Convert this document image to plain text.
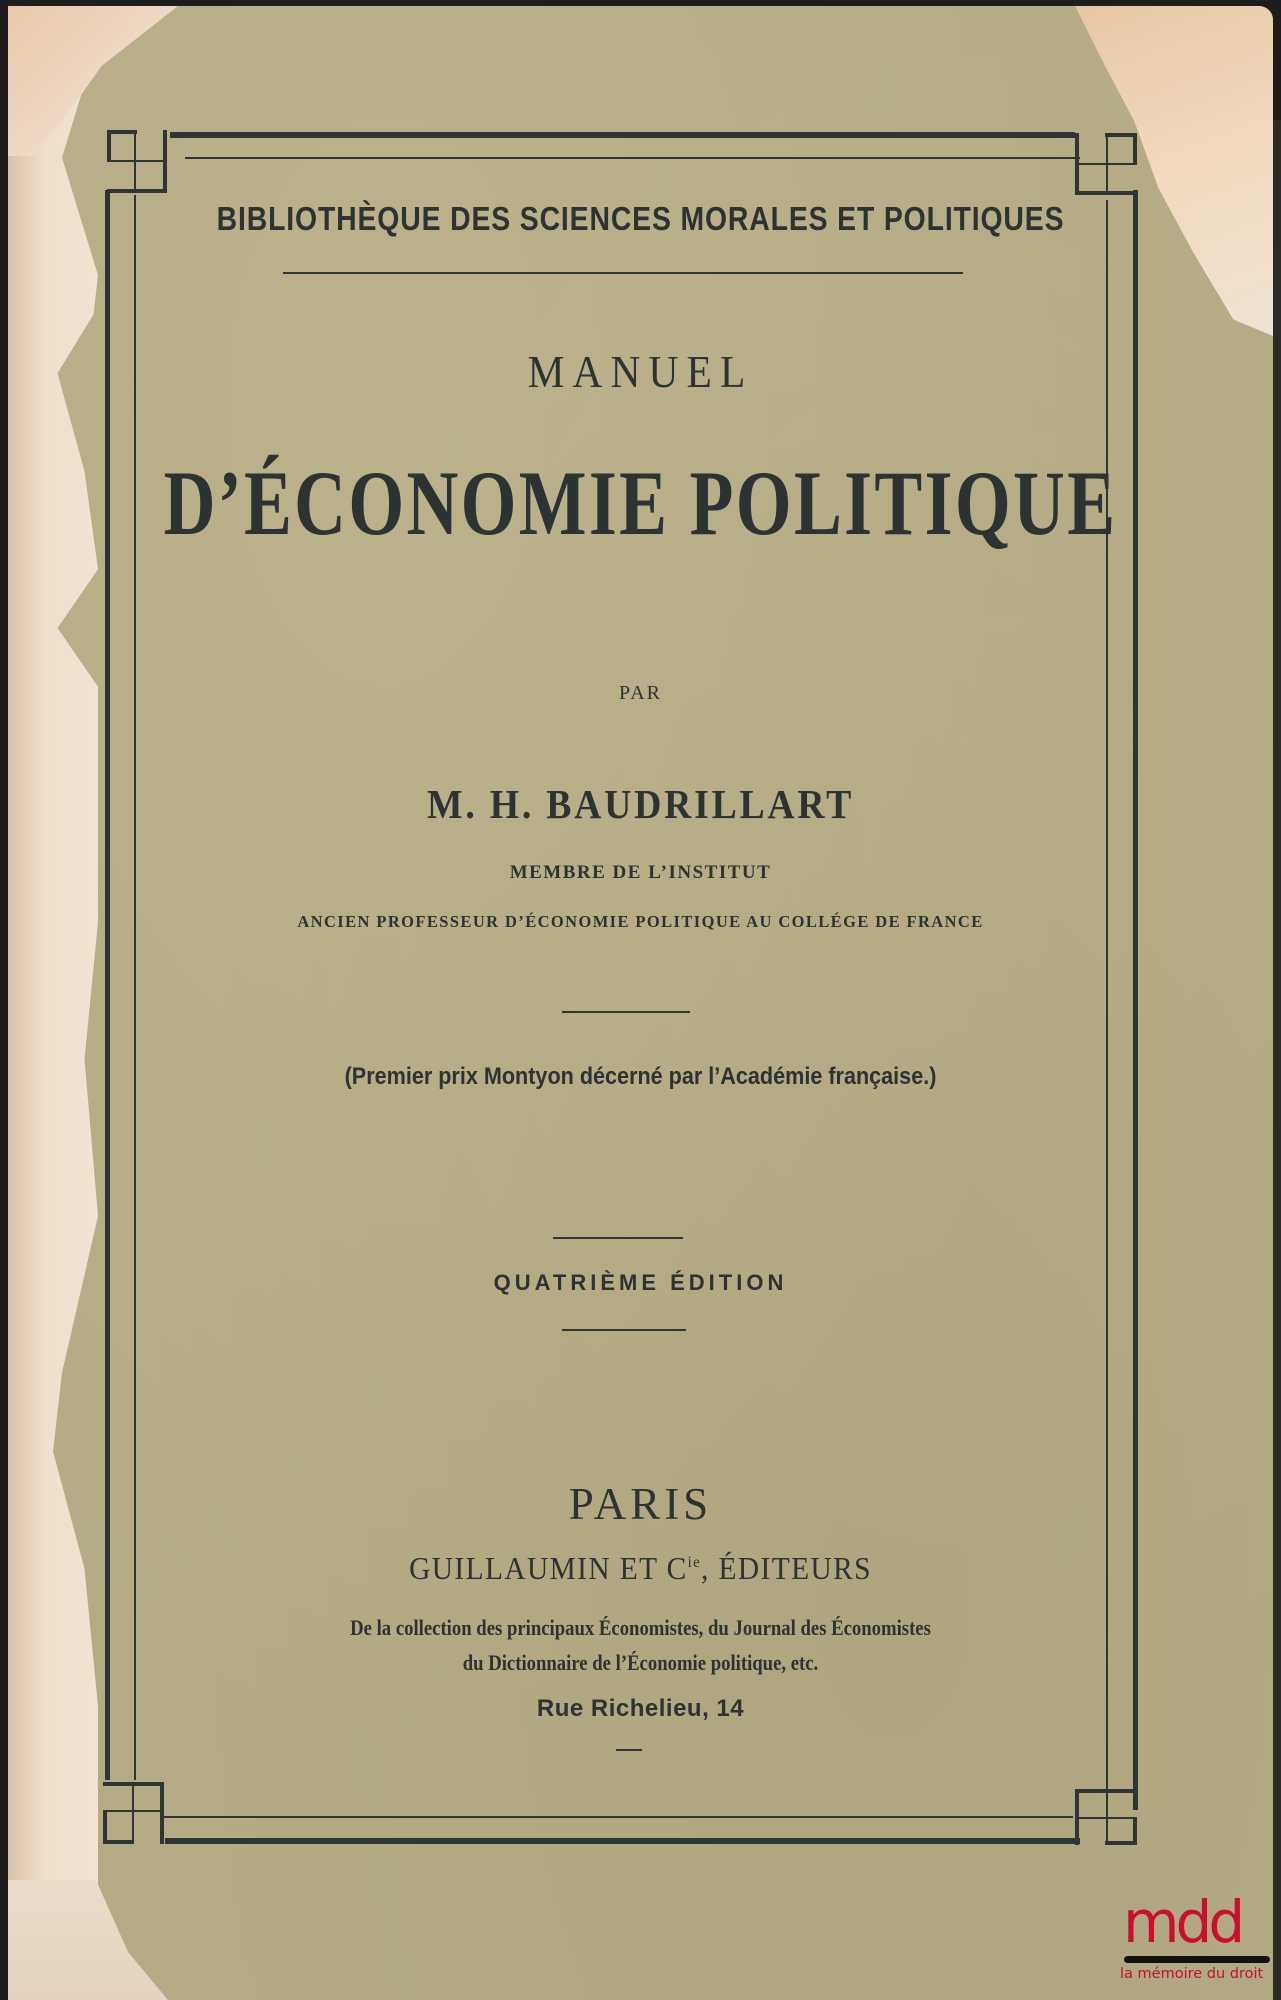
BIBLIOTHÈQUE DES SCIENCES MORALES ET POLITIQUES

MANUEL

D’ÉCONOMIE POLITIQUE

PAR

M. H. BAUDRILLART

MEMBRE DE L’INSTITUT

ANCIEN PROFESSEUR D’ÉCONOMIE POLITIQUE AU COLLÉGE DE FRANCE

(Premier prix Montyon décerné par l’Académie française.)

QUATRIÈME ÉDITION

PARIS

GUILLAUMIN ET $C^{ie}$, ÉDITEURS

De la collection des principaux Économistes, du Journal des Économistes

du Dictionnaire de l’Économie politique, etc.

Rue Richelieu, 14

mdd
la mémoire du droit
